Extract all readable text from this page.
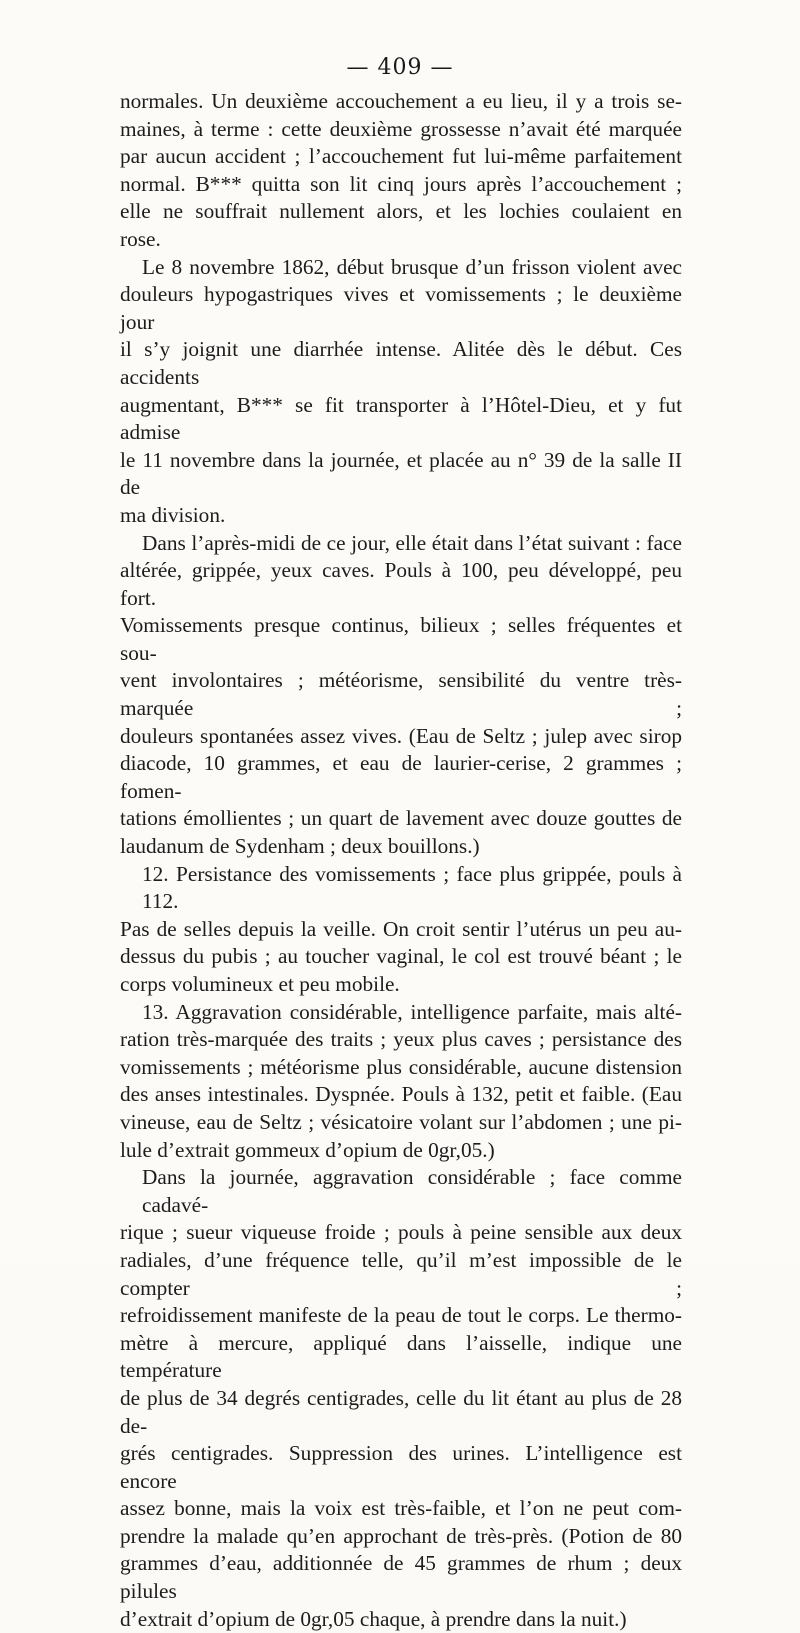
— 409 —

normales. Un deuxième accouchement a eu lieu, il y a trois se-

maines, à terme : cette deuxième grossesse n’avait été marquée

par aucun accident ; l’accouchement fut lui-même parfaitement

normal. B*** quitta son lit cinq jours après l’accouchement ;

elle ne souffrait nullement alors, et les lochies coulaient en

rose.

Le 8 novembre 1862, début brusque d’un frisson violent avec

douleurs hypogastriques vives et vomissements ; le deuxième jour

il s’y joignit une diarrhée intense. Alitée dès le début. Ces accidents

augmentant, B*** se fit transporter à l’Hôtel-Dieu, et y fut admise

le 11 novembre dans la journée, et placée au n° 39 de la salle II de

ma division.

Dans l’après-midi de ce jour, elle était dans l’état suivant : face

altérée, grippée, yeux caves. Pouls à 100, peu développé, peu fort.

Vomissements presque continus, bilieux ; selles fréquentes et sou-

vent involontaires ; météorisme, sensibilité du ventre très-marquée ;

douleurs spontanées assez vives. (Eau de Seltz ; julep avec sirop

diacode, 10 grammes, et eau de laurier-cerise, 2 grammes ; fomen-

tations émollientes ; un quart de lavement avec douze gouttes de

laudanum de Sydenham ; deux bouillons.)

12. Persistance des vomissements ; face plus grippée, pouls à 112.

Pas de selles depuis la veille. On croit sentir l’utérus un peu au-

dessus du pubis ; au toucher vaginal, le col est trouvé béant ; le

corps volumineux et peu mobile.

13. Aggravation considérable, intelligence parfaite, mais alté-

ration très-marquée des traits ; yeux plus caves ; persistance des

vomissements ; météorisme plus considérable, aucune distension

des anses intestinales. Dyspnée. Pouls à 132, petit et faible. (Eau

vineuse, eau de Seltz ; vésicatoire volant sur l’abdomen ; une pi-

lule d’extrait gommeux d’opium de 0gr,05.)

Dans la journée, aggravation considérable ; face comme cadavé-

rique ; sueur viqueuse froide ; pouls à peine sensible aux deux

radiales, d’une fréquence telle, qu’il m’est impossible de le compter ;

refroidissement manifeste de la peau de tout le corps. Le thermo-

mètre à mercure, appliqué dans l’aisselle, indique une température

de plus de 34 degrés centigrades, celle du lit étant au plus de 28 de-

grés centigrades. Suppression des urines. L’intelligence est encore

assez bonne, mais la voix est très-faible, et l’on ne peut com-

prendre la malade qu’en approchant de très-près. (Potion de 80

grammes d’eau, additionnée de 45 grammes de rhum ; deux pilules

d’extrait d’opium de 0gr,05 chaque, à prendre dans la nuit.)
